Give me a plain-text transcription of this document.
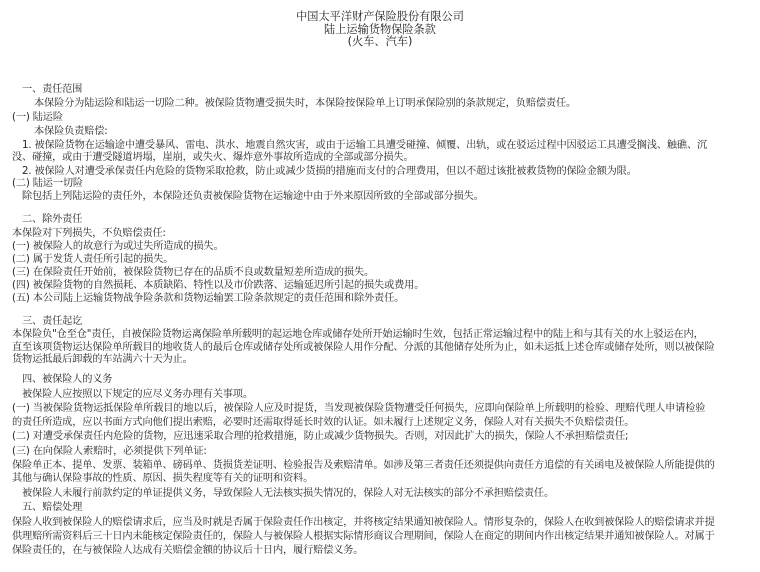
中国太平洋财产保险股份有限公司
陆上运输货物保险条款
(火车、汽车)

一、责任范围

本保险分为陆运险和陆运一切险二种。被保险货物遭受损失时，本保险按保险单上订明承保险别的条款规定，负赔偿责任。

(一) 陆运险

本保险负责赔偿:

1. 被保险货物在运输途中遭受暴风、雷电、洪水、地震自然灾害，或由于运输工具遭受碰撞、倾覆、出轨，或在驳运过程中因驳运工具遭受搁浅、触礁、沉

没、碰撞，或由于遭受隧道坍塌，崖崩，或失火、爆炸意外事故所造成的全部或部分损失。

2. 被保险人对遭受承保责任内危险的货物采取抢救，防止或减少货损的措施而支付的合理费用，但以不超过该批被救货物的保险金额为限。

(二) 陆运一切险

除包括上列陆运险的责任外，本保险还负责被保险货物在运输途中由于外来原因所致的全部或部分损失。

二、除外责任

本保险对下列损失，不负赔偿责任:

(一) 被保险人的故意行为或过失所造成的损失。

(二) 属于发货人责任所引起的损失。

(三) 在保险责任开始前，被保险货物已存在的品质不良或数量短差所造成的损失。

(四) 被保险货物的自然损耗、本质缺陷、特性以及市价跌落、运输延迟所引起的损失或费用。

(五) 本公司陆上运输货物战争险条款和货物运输罢工险条款规定的责任范围和除外责任。

三、责任起讫

本保险负"仓至仓"责任，自被保险货物运离保险单所载明的起运地仓库或储存处所开始运输时生效，包括正常运输过程中的陆上和与其有关的水上驳运在内，

直至该项货物运达保险单所载目的地收货人的最后仓库或储存处所或被保险人用作分配、分派的其他储存处所为止，如未运抵上述仓库或储存处所，则以被保险

货物运抵最后卸载的车站满六十天为止。

四、被保险人的义务

被保险人应按照以下规定的应尽义务办理有关事项。

(一) 当被保险货物运抵保险单所载目的地以后，被保险人应及时提货，当发现被保险货物遭受任何损失，应即向保险单上所载明的检验、理赔代理人申请检验

的责任所造成，应以书面方式向他们提出索赔，必要时还需取得延长时效的认证。如未履行上述规定义务，保险人对有关损失不负赔偿责任。

(二) 对遭受承保责任内危险的货物，应迅速采取合理的抢救措施，防止或减少货物损失。否则，对因此扩大的损失，保险人不承担赔偿责任;

(三) 在向保险人索赔时，必须提供下列单证:

保险单正本、提单、发票、装箱单、磅码单、货损货差证明、检验报告及索赔清单。如涉及第三者责任还须提供向责任方追偿的有关函电及被保险人所能提供的

其他与确认保险事故的性质、原因、损失程度等有关的证明和资料。

被保险人未履行前款约定的单证提供义务，导致保险人无法核实损失情况的，保险人对无法核实的部分不承担赔偿责任。

五、赔偿处理

保险人收到被保险人的赔偿请求后，应当及时就是否属于保险责任作出核定，并将核定结果通知被保险人。情形复杂的，保险人在收到被保险人的赔偿请求并提

供理赔所需资料后三十日内未能核定保险责任的，保险人与被保险人根据实际情形商议合理期间，保险人在商定的期间内作出核定结果并通知被保险人。对属于

保险责任的，在与被保险人达成有关赔偿金额的协议后十日内，履行赔偿义务。
